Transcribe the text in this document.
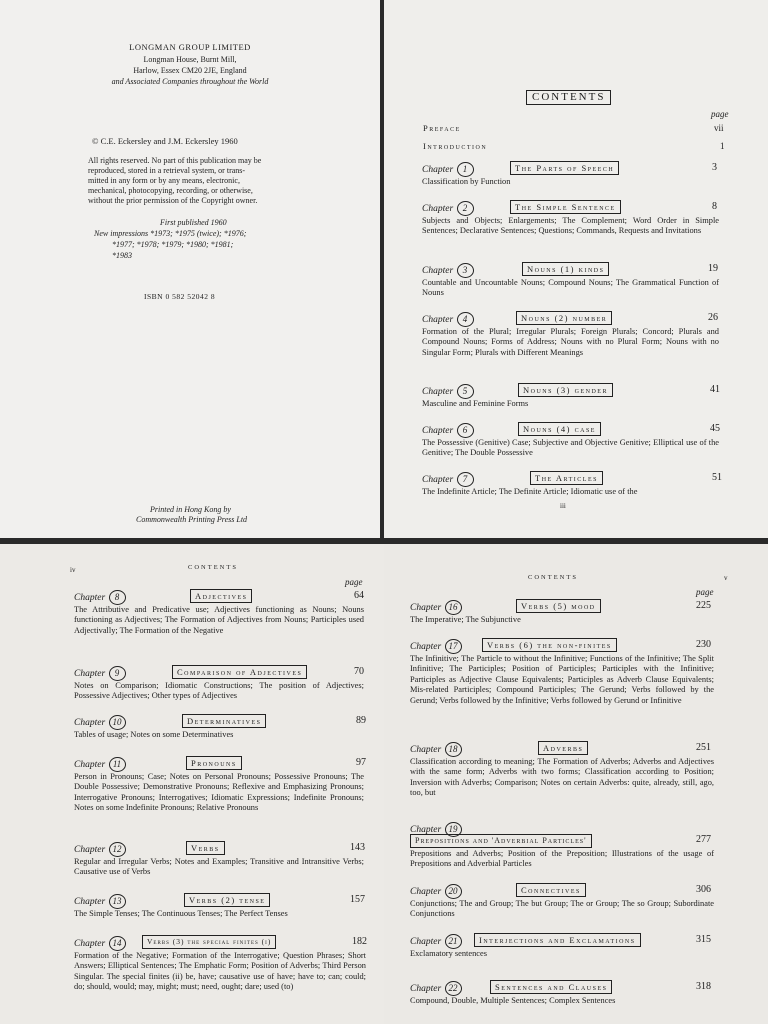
LONGMAN GROUP LIMITED
Longman House, Burnt Mill,
Harlow, Essex CM20 2JE, England
and Associated Companies throughout the World
© C.E. Eckersley and J.M. Eckersley 1960
All rights reserved. No part of this publication may be
reproduced, stored in a retrieval system, or trans-
mitted in any form or by any means, electronic,
mechanical, photocopying, recording, or otherwise,
without the prior permission of the Copyright owner.
First published 1960
New impressions *1973; *1975 (twice); *1976;
*1977; *1978; *1979; *1980; *1981;
*1983
ISBN 0 582 52042 8
Printed in Hong Kong by
Commonwealth Printing Press Ltd
CONTENTS
page
Preface	vii
Introduction	1
Chapter 1	The Parts of Speech	3
Classification by Function
Chapter 2	The Simple Sentence	8
Subjects and Objects; Enlargements; The Complement; Word Order in Simple Sentences; Declarative Sentences; Questions; Commands, Requests and Invitations
Chapter 3	Nouns (1) kinds	19
Countable and Uncountable Nouns; Compound Nouns; The Grammatical Function of Nouns
Chapter 4	Nouns (2) number	26
Formation of the Plural; Irregular Plurals; Foreign Plurals; Concord; Plurals and Compound Nouns; Forms of Address; Nouns with no Plural Form; Nouns with no Singular Form; Plurals with Different Meanings
Chapter 5	Nouns (3) gender	41
Masculine and Feminine Forms
Chapter 6	Nouns (4) case	45
The Possessive (Genitive) Case; Subjective and Objective Genitive; Elliptical use of the Genitive; The Double Possessive
Chapter 7	The Articles	51
The Indefinite Article; The Definite Article; Idiomatic use of the
iii
iv	CONTENTS
page
Chapter 8	Adjectives	64
The Attributive and Predicative use; Adjectives functioning as Nouns; Nouns functioning as Adjectives; The Formation of Adjectives from Nouns; Participles used Adjectivally; The Formation of the Negative
Chapter 9	Comparison of Adjectives	70
Notes on Comparison; Idiomatic Constructions; The position of Adjectives; Possessive Adjectives; Other types of Adjectives
Chapter 10	Determinatives	89
Tables of usage; Notes on some Determinatives
Chapter 11	Pronouns	97
Person in Pronouns; Case; Notes on Personal Pronouns; Possessive Pronouns; The Double Possessive; Demonstrative Pronouns; Reflexive and Emphasizing Pronouns; Interrogative Pronouns; Interrogatives; Idiomatic Expressions; Indefinite Pronouns; Notes on some Indefinite Pronouns; Relative Pronouns
Chapter 12	Verbs	143
Regular and Irregular Verbs; Notes and Examples; Transitive and Intransitive Verbs; Causative use of Verbs
Chapter 13	Verbs (2) tense	157
The Simple Tenses; The Continuous Tenses; The Perfect Tenses
Chapter 14	Verbs (3) the special finites (i)	182
Formation of the Negative; Formation of the Interrogative; Question Phrases; Short Answers; Elliptical Sentences; The Emphatic Form; Position of Adverbs; Third Person Singular. The special finites (ii) be, have; causative use of have; have to; can; could; do; should, would; may, might; must; need, ought; dare; used (to)
CONTENTS	v
page
Chapter 16	Verbs (5) mood	225
The Imperative; The Subjunctive
Chapter 17	Verbs (6) the non-finites	230
The Infinitive; The Particle to without the Infinitive; Functions of the Infinitive; The Split Infinitive; The Participles; Position of Participles; Participles with the Infinitive; Participles as Adjective Clause Equivalents; Participles as Adverb Clause Equivalents; Mis-related Participles; Compound Participles; The Gerund; Verbs followed by the Gerund; Verbs followed by the Infinitive; Verbs followed by Gerund or Infinitive
Chapter 18	Adverbs	251
Classification according to meaning; The Formation of Adverbs; Adverbs and Adjectives with the same form; Adverbs with two forms; Classification according to Position; Inversion with Adverbs; Comparison; Notes on certain Adverbs: quite, already, still, ago, too, but
Chapter 19
Prepositions and 'Adverbial Particles'	277
Prepositions and Adverbs; Position of the Preposition; Illustrations of the usage of Prepositions and Adverbial Particles
Chapter 20	Connectives	306
Conjunctions; The and Group; The but Group; The or Group; The so Group; Subordinate Conjunctions
Chapter 21	Interjections and Exclamations	315
Exclamatory sentences
Chapter 22	Sentences and Clauses	318
Compound, Double, Multiple Sentences; Complex Sentences
